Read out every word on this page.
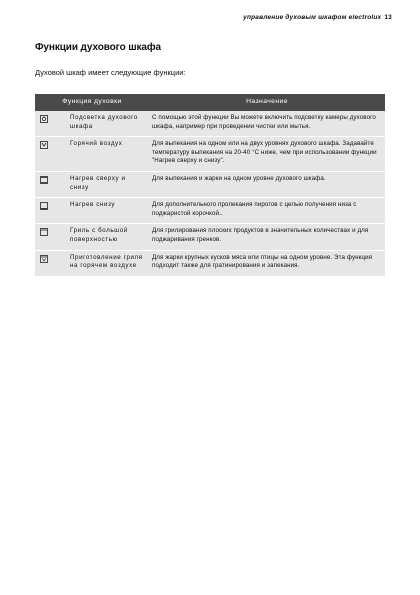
управление духовым шкафом electrolux 13
Функции духового шкафа
Духовой шкаф имеет следующие функции:
Функция духовки		Назначение

	Подсветка духового шкафа	С помощью этой функции Вы можете включить подсветку камеры духового шкафа, например при проведении чистки или мытья.

	Горячий воздух	Для выпекания на одном или на двух уровнях духового шкафа. Задавайте температуру выпекания на 20-40 °С ниже, чем при использовании функции "Нагрев сверху и снизу".

	Нагрев сверху и снизу	Для выпекания и жарки на одном уровне духового шкафа.

	Нагрев снизу	Для дополнительного пропекания пирогов с целью получения низа с поджаристой корочкой..

	Гриль с большой поверхностью	Для грилирования плоских продуктов в значительных количествах и для поджаривания гренков.

	Приготовление гриля на горячем воздухе	Для жарки крупных кусков мяса или птицы на одном уровне. Эта функция подходит также для гратинирования и запекания.
